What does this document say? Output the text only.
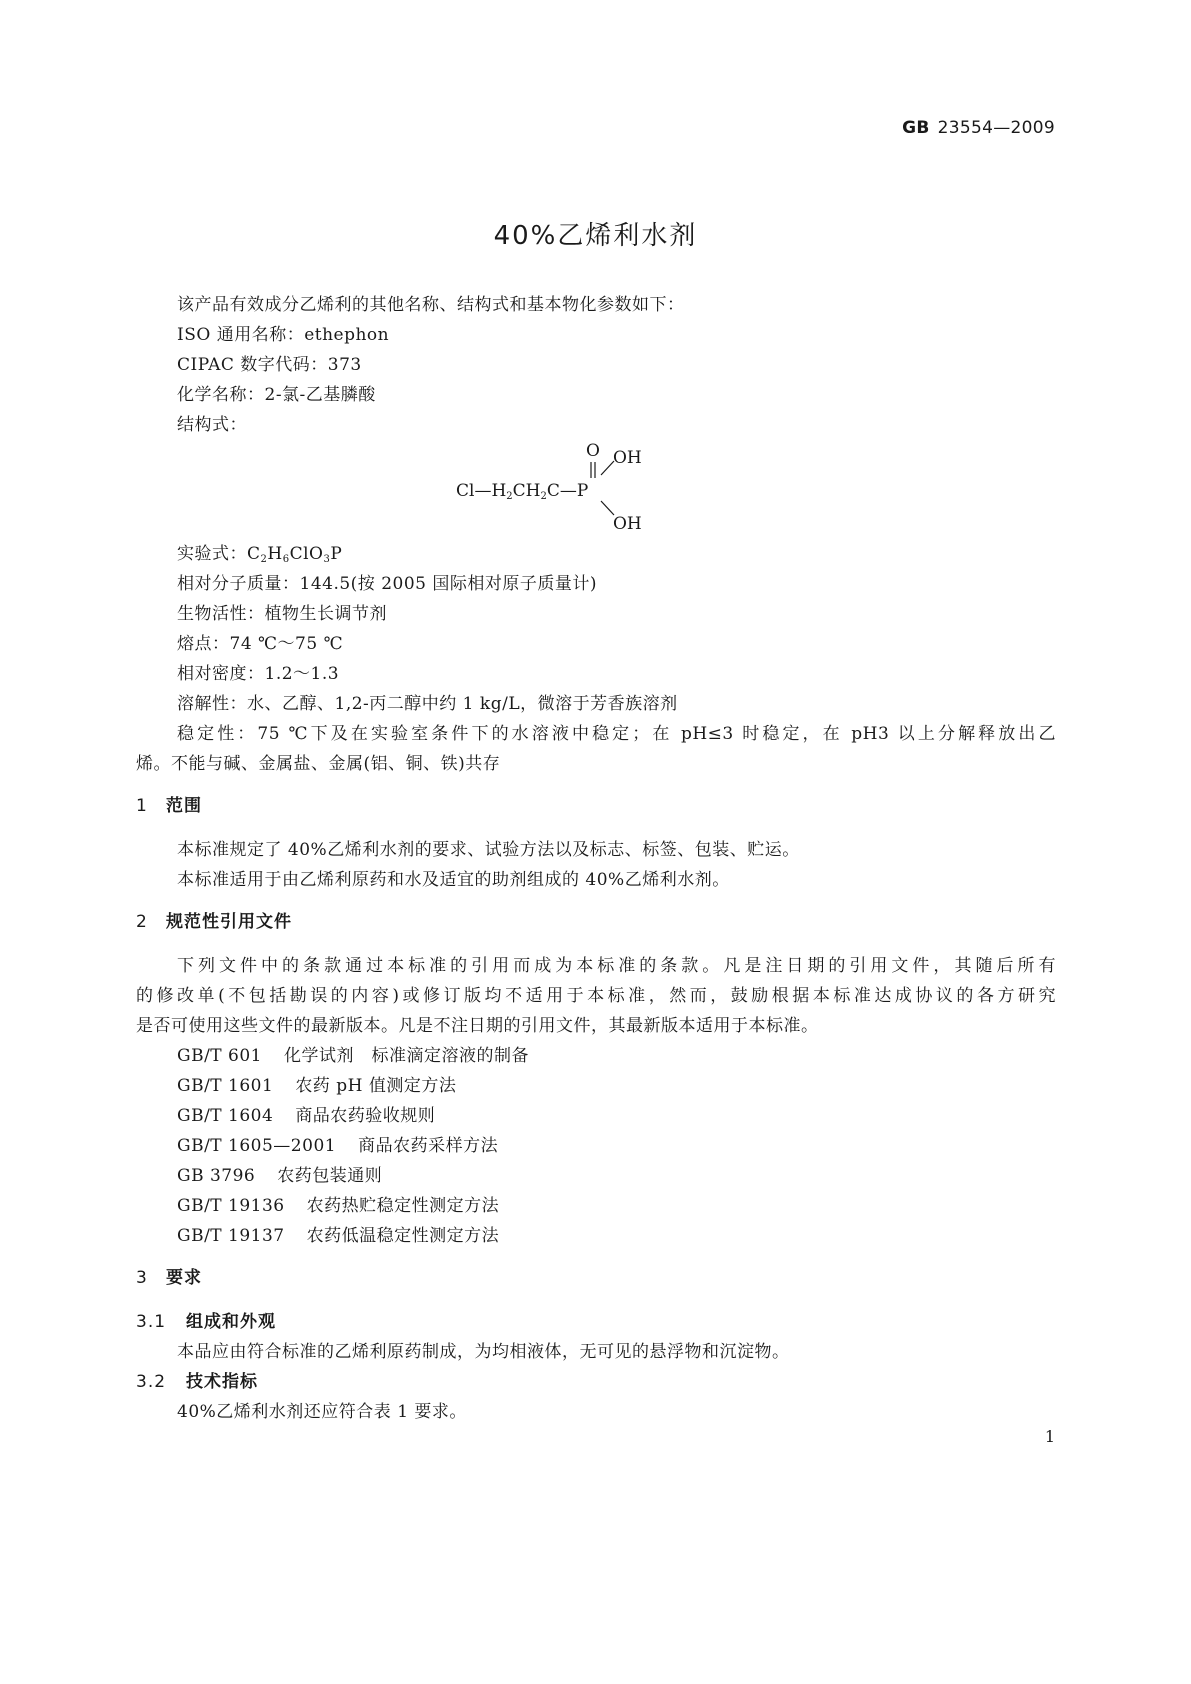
GB 23554—2009
40%乙烯利水剂
该产品有效成分乙烯利的其他名称、结构式和基本物化参数如下：
ISO 通用名称：ethephon
CIPAC 数字代码：373
化学名称：2-氯-乙基膦酸
结构式：
O OH
$Cl—H_2CH_2C—P$
OH
实验式：$C_2H_6ClO_3P$
相对分子质量：144.5(按 2005 国际相对原子质量计)
生物活性：植物生长调节剂
熔点：74 ℃～75 ℃
相对密度：1.2～1.3
溶解性：水、乙醇、1,2-丙二醇中约 1 kg/L，微溶于芳香族溶剂
稳定性：75 ℃下及在实验室条件下的水溶液中稳定；在 pH≤3 时稳定，在 pH3 以上分解释放出乙
烯。不能与碱、金属盐、金属(铝、铜、铁)共存
1 范围
本标准规定了 40%乙烯利水剂的要求、试验方法以及标志、标签、包装、贮运。
本标准适用于由乙烯利原药和水及适宜的助剂组成的 40%乙烯利水剂。
2 规范性引用文件
下列文件中的条款通过本标准的引用而成为本标准的条款。凡是注日期的引用文件，其随后所有
的修改单(不包括勘误的内容)或修订版均不适用于本标准，然而，鼓励根据本标准达成协议的各方研究
是否可使用这些文件的最新版本。凡是不注日期的引用文件，其最新版本适用于本标准。
GB/T 601 化学试剂　标准滴定溶液的制备
GB/T 1601 农药 pH 值测定方法
GB/T 1604 商品农药验收规则
GB/T 1605—2001 商品农药采样方法
GB 3796 农药包装通则
GB/T 19136 农药热贮稳定性测定方法
GB/T 19137 农药低温稳定性测定方法
3 要求
3.1 组成和外观
本品应由符合标准的乙烯利原药制成，为均相液体，无可见的悬浮物和沉淀物。
3.2 技术指标
40%乙烯利水剂还应符合表 1 要求。
1
